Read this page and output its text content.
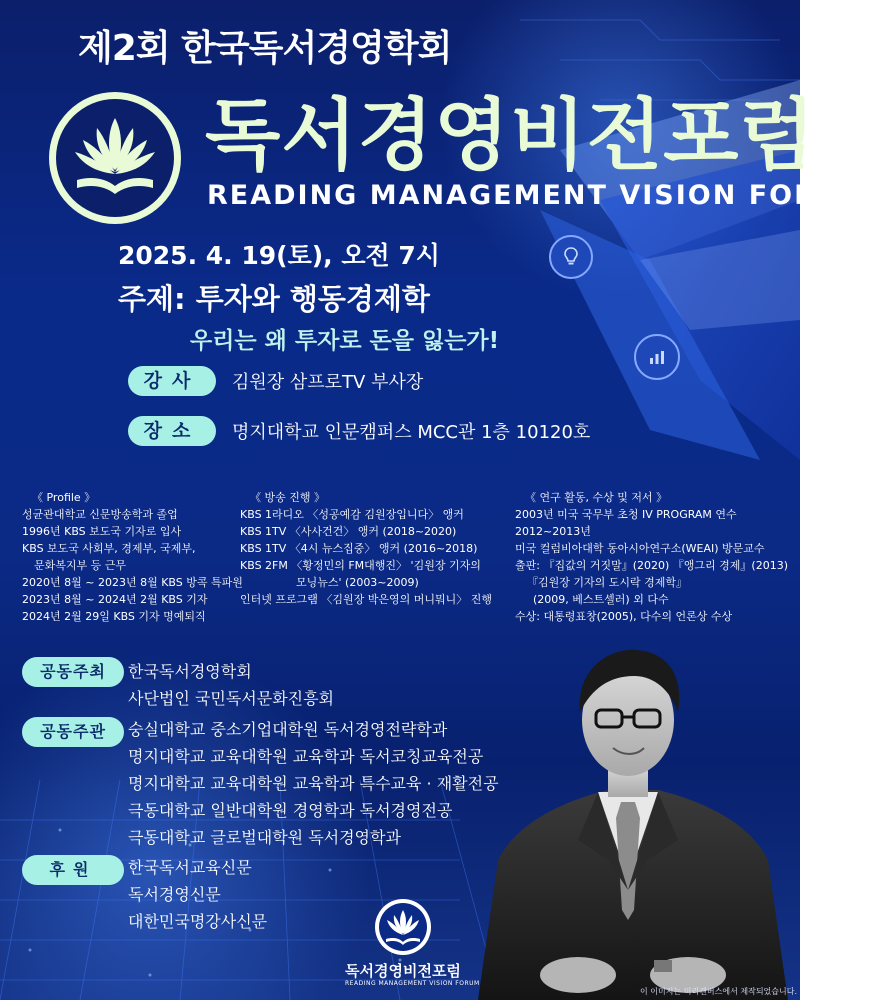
제2회 한국독서경영학회
독서경영비전포럼
READING MANAGEMENT VISION FORUM
2025. 4. 19(토), 오전 7시
주제: 투자와 행동경제학
우리는 왜 투자로 돈을 잃는가!
강사	김원장 삼프로TV 부사장
장소	명지대학교 인문캠퍼스 MCC관 1층 10120호
《 Profile 》
성균관대학교 신문방송학과 졸업
1996년 KBS 보도국 기자로 입사
KBS 보도국 사회부, 경제부, 국제부,
문화복지부 등 근무
2020년 8월 ~ 2023년 8월 KBS 방콕 특파원
2023년 8월 ~ 2024년 2월 KBS 기자
2024년 2월 29일 KBS 기자 명예퇴직
《 방송 진행 》
KBS 1라디오 〈성공예감 김원장입니다〉 앵커
KBS 1TV 〈사사건건〉 앵커 (2018~2020)
KBS 1TV 〈4시 뉴스집중〉 앵커 (2016~2018)
KBS 2FM 〈황정민의 FM대행진〉 '김원장 기자의
모닝뉴스' (2003~2009)
인터넷 프로그램 〈김원장 박은영의 머니뭐니〉 진행
《 연구 활동, 수상 및 저서 》
2003년 미국 국무부 초청 IV PROGRAM 연수
2012~2013년
미국 컬럼비아대학 동아시아연구소(WEAI) 방문교수
출판: 『집값의 거짓말』(2020) 『앵그리 경제』(2013)
『김원장 기자의 도시락 경제학』
(2009, 베스트셀러) 외 다수
수상: 대통령표창(2005), 다수의 언론상 수상
공동주최	한국독서경영학회
사단법인 국민독서문화진흥회
공동주관	숭실대학교 중소기업대학원 독서경영전략학과
명지대학교 교육대학원 교육학과 독서코칭교육전공
명지대학교 교육대학원 교육학과 특수교육 · 재활전공
극동대학교 일반대학원 경영학과 독서경영전공
극동대학교 글로벌대학원 독서경영학과
후원	한국독서교육신문
독서경영신문
대한민국명강사신문
독서경영비전포럼
READING MANAGEMENT VISION FORUM
이 이미지는 미리캔버스에서 제작되었습니다.
